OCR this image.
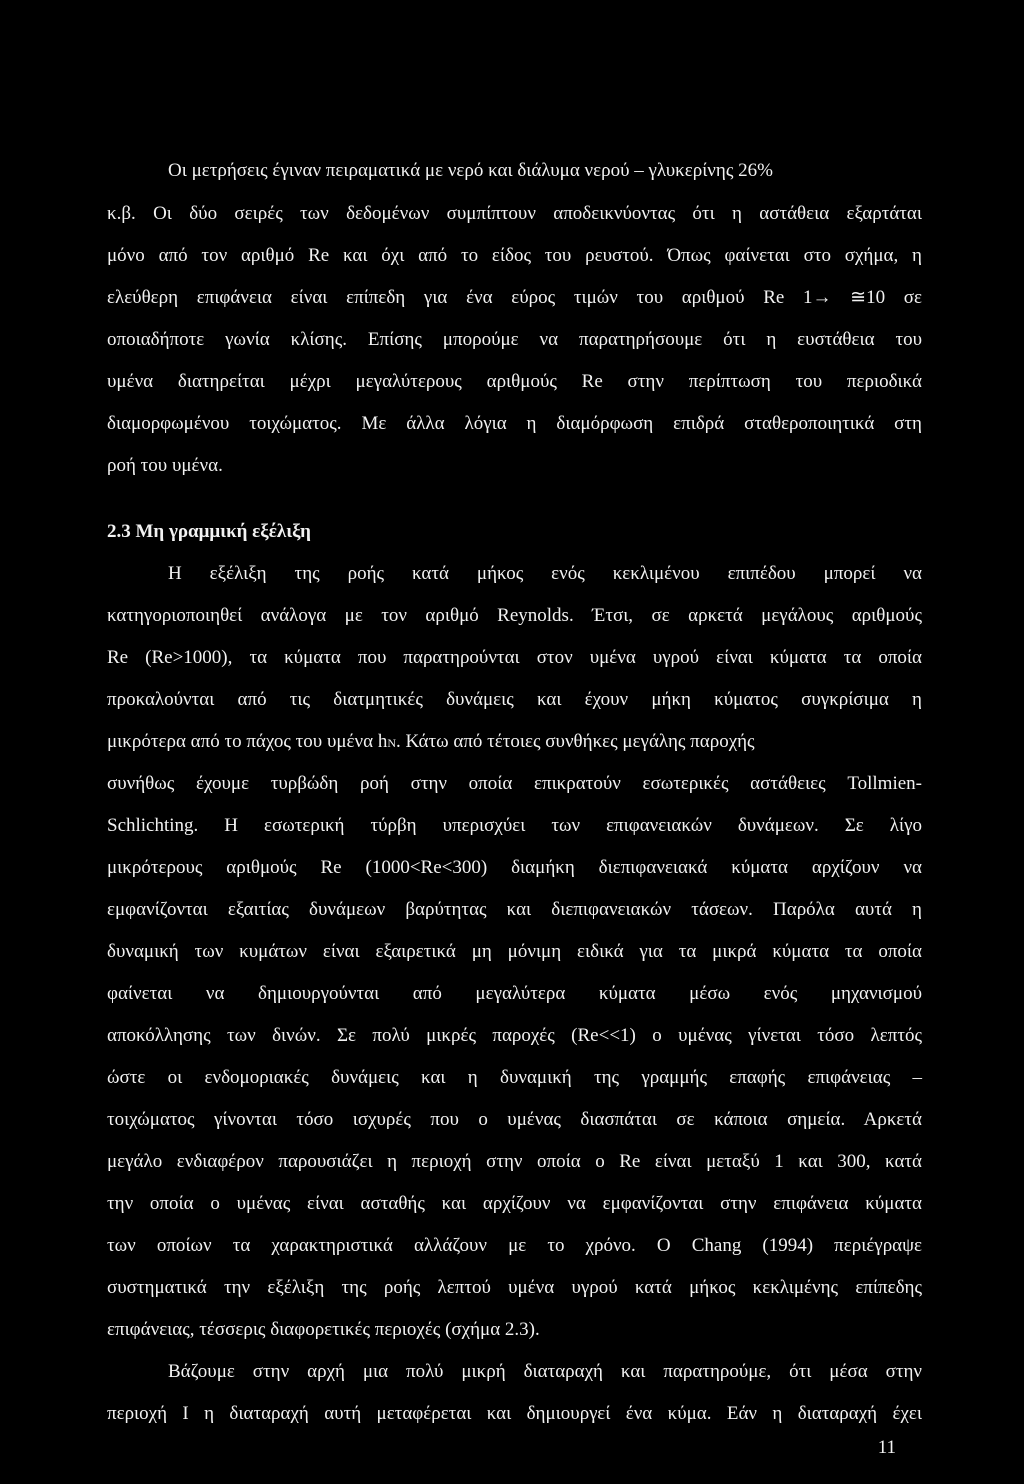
Οι μετρήσεις έγιναν πειραματικά με νερό και διάλυμα νερού – γλυκερίνης 26%
κ.β. Οι δύο σειρές των δεδομένων συμπίπτουν αποδεικνύοντας ότι η αστάθεια εξαρτάται
μόνο από τον αριθμό Re και όχι από το είδος του ρευστού. Όπως φαίνεται στο σχήμα, η
ελεύθερη επιφάνεια είναι επίπεδη για ένα εύρος τιμών του αριθμού Re 1→ ≅10 σε
οποιαδήποτε γωνία κλίσης. Επίσης μπορούμε να παρατηρήσουμε ότι η ευστάθεια του
υμένα διατηρείται μέχρι μεγαλύτερους αριθμούς Re στην περίπτωση του περιοδικά
διαμορφωμένου τοιχώματος. Με άλλα λόγια η διαμόρφωση επιδρά σταθεροποιητικά στη
ροή του υμένα.
2.3 Μη γραμμική εξέλιξη
Η εξέλιξη της ροής κατά μήκος ενός κεκλιμένου επιπέδου μπορεί να
κατηγοριοποιηθεί ανάλογα με τον αριθμό Reynolds. Έτσι, σε αρκετά μεγάλους αριθμούς
Re (Re>1000), τα κύματα που παρατηρούνται στον υμένα υγρού είναι κύματα τα οποία
προκαλούνται από τις διατμητικές δυνάμεις και έχουν μήκη κύματος συγκρίσιμα η
μικρότερα από το πάχος του υμένα hN. Κάτω από τέτοιες συνθήκες μεγάλης παροχής
συνήθως έχουμε τυρβώδη ροή στην οποία επικρατούν εσωτερικές αστάθειες Tollmien-
Schlichting. Η εσωτερική τύρβη υπερισχύει των επιφανειακών δυνάμεων. Σε λίγο
μικρότερους αριθμούς Re (1000<Re<300) διαμήκη διεπιφανειακά κύματα αρχίζουν να
εμφανίζονται εξαιτίας δυνάμεων βαρύτητας και διεπιφανειακών τάσεων. Παρόλα αυτά η
δυναμική των κυμάτων είναι εξαιρετικά μη μόνιμη ειδικά για τα μικρά κύματα τα οποία
φαίνεται να δημιουργούνται από μεγαλύτερα κύματα μέσω ενός μηχανισμού
αποκόλλησης των δινών. Σε πολύ μικρές παροχές (Re<<1) ο υμένας γίνεται τόσο λεπτός
ώστε οι ενδομοριακές δυνάμεις και η δυναμική της γραμμής επαφής επιφάνειας –
τοιχώματος γίνονται τόσο ισχυρές που ο υμένας διασπάται σε κάποια σημεία. Αρκετά
μεγάλο ενδιαφέρον παρουσιάζει η περιοχή στην οποία ο Re είναι μεταξύ 1 και 300, κατά
την οποία ο υμένας είναι ασταθής και αρχίζουν να εμφανίζονται στην επιφάνεια κύματα
των οποίων τα χαρακτηριστικά αλλάζουν με το χρόνο. Ο Chang (1994) περιέγραψε
συστηματικά την εξέλιξη της ροής λεπτού υμένα υγρού κατά μήκος κεκλιμένης επίπεδης
επιφάνειας, τέσσερις διαφορετικές περιοχές (σχήμα 2.3).
Βάζουμε στην αρχή μια πολύ μικρή διαταραχή και παρατηρούμε, ότι μέσα στην
περιοχή I η διαταραχή αυτή μεταφέρεται και δημιουργεί ένα κύμα. Εάν η διαταραχή έχει
11
